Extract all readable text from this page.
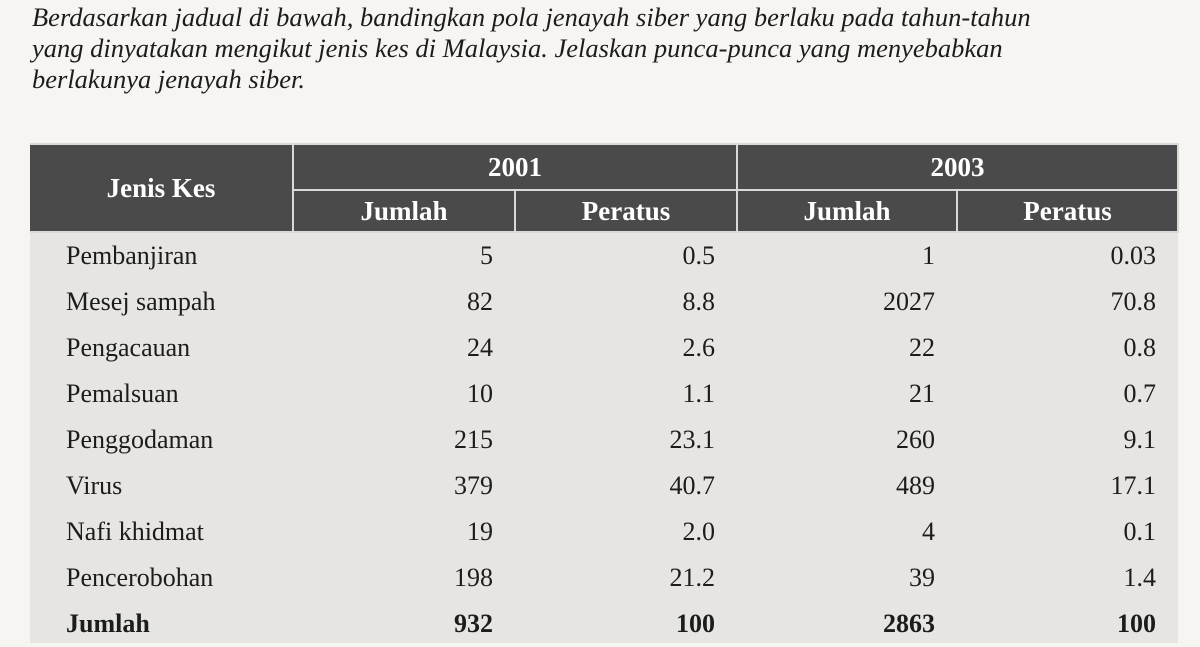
Berdasarkan jadual di bawah, bandingkan pola jenayah siber yang berlaku pada tahun-tahun

yang dinyatakan mengikut jenis kes di Malaysia. Jelaskan punca-punca yang menyebabkan

berlakunya jenayah siber.

Jenis Kes	2001		2003	
	Jumlah	Peratus	Jumlah	Peratus
Pembanjiran	5	0.5	1	0.03
Mesej sampah	82	8.8	2027	70.8
Pengacauan	24	2.6	22	0.8
Pemalsuan	10	1.1	21	0.7
Penggodaman	215	23.1	260	9.1
Virus	379	40.7	489	17.1
Nafi khidmat	19	2.0	4	0.1
Pencerobohan	198	21.2	39	1.4
Jumlah	932	100	2863	100
